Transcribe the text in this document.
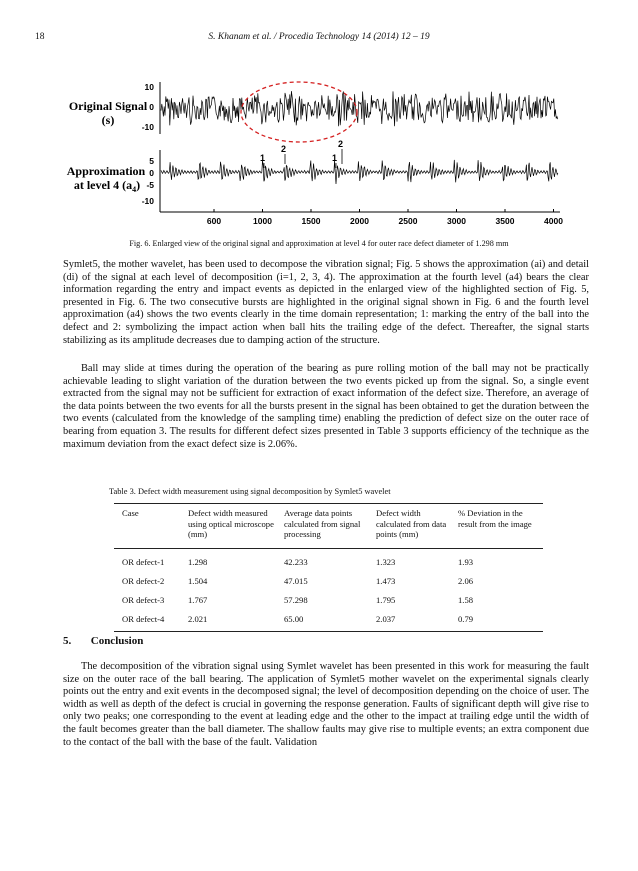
18	S. Khanam et al. / Procedia Technology 14 (2014) 12 – 19
Original Signal
(s)
Approximation
at level 4 $(a_4)$
10
0
-10
5
0
-5
-10
1
2
1
2
600	1000	1500	2000	2500	3000	3500	4000
Fig. 6. Enlarged view of the original signal and approximation at level 4 for outer race defect diameter of 1.298 mm

Symlet5, the mother wavelet, has been used to decompose the vibration signal; Fig. 5 shows the approximation (ai) and detail (di) of the signal at each level of decomposition (i=1, 2, 3, 4). The approximation at the fourth level (a4) bears the clear information regarding the entry and impact events as depicted in the enlarged view of the highlighted section of Fig. 5, presented in Fig. 6. The two consecutive bursts are highlighted in the original signal shown in Fig. 6 and the fourth level approximation (a4) shows the two events clearly in the time domain representation; 1: marking the entry of the ball into the defect and 2: symbolizing the impact action when ball hits the trailing edge of the defect. Thereafter, the signal starts stabilizing as its amplitude decreases due to damping action of the structure.

Ball may slide at times during the operation of the bearing as pure rolling motion of the ball may not be practically achievable leading to slight variation of the duration between the two events picked up from the signal. So, a single event extracted from the signal may not be sufficient for extraction of exact information of the defect size. Therefore, an average of the data points between the two events for all the bursts present in the signal has been obtained to get the duration between the two events (calculated from the knowledge of the sampling time) enabling the prediction of defect size on the outer race of bearing from equation 3. The results for different defect sizes presented in Table 3 supports efficiency of the technique as the maximum deviation from the exact defect size is 2.06%.

Table 3. Defect width measurement using signal decomposition by Symlet5 wavelet
Case	Defect width measured using optical microscope (mm)	Average data points calculated from signal processing	Defect width calculated from data points (mm)	% Deviation in the result from the image
OR defect-1	1.298	42.233	1.323	1.93
OR defect-2	1.504	47.015	1.473	2.06
OR defect-3	1.767	57.298	1.795	1.58
OR defect-4	2.021	65.00	2.037	0.79
5. Conclusion

The decomposition of the vibration signal using Symlet wavelet has been presented in this work for measuring the fault size on the outer race of the ball bearing. The application of Symlet5 mother wavelet on the experimental signals clearly points out the entry and exit events in the decomposed signal; the level of decomposition depending on the choice of user. The width as well as depth of the defect is crucial in governing the response generation. Faults of significant depth will give rise to only two peaks; one corresponding to the event at leading edge and the other to the impact at trailing edge until the width of the fault becomes greater than the ball diameter. The shallow faults may give rise to multiple events; an extra component due to the contact of the ball with the base of the fault. Validation
